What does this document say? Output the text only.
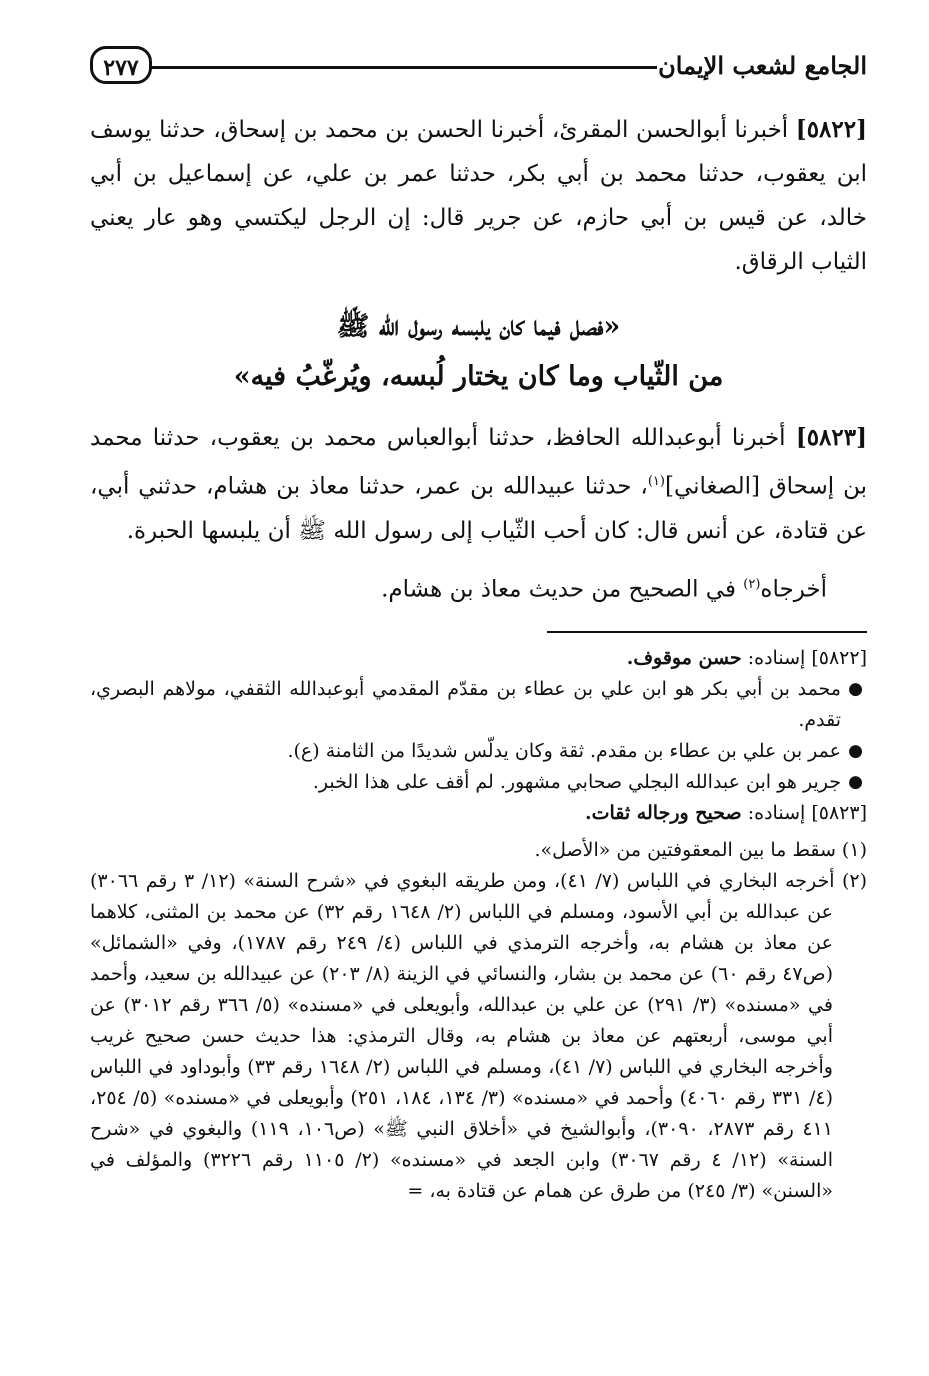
الجامع لشعب الإيمان
٢٧٧

[٥٨٢٢] أخبرنا أبوالحسن المقرئ، أخبرنا الحسن بن محمد بن إسحاق، حدثنا يوسف ابن يعقوب، حدثنا محمد بن أبي بكر، حدثنا عمر بن علي، عن إسماعيل بن أبي خالد، عن قيس بن أبي حازم، عن جرير قال: إن الرجل ليكتسي وهو عار يعني الثياب الرقاق.

«فصل فيما كان يلبسه رسول الله ﷺ
من الثّياب وما كان يختار لُبسه، ويُرغّبُ فيه»

[٥٨٢٣] أخبرنا أبوعبدالله الحافظ، حدثنا أبوالعباس محمد بن يعقوب، حدثنا محمد بن إسحاق [الصغاني]$^{(١)}$، حدثنا عبيدالله بن عمر، حدثنا معاذ بن هشام، حدثني أبي، عن قتادة، عن أنس قال: كان أحب الثّياب إلى رسول الله ﷺ أن يلبسها الحبرة.

أخرجاه$^{(٢)}$ في الصحيح من حديث معاذ بن هشام.

[٥٨٢٢] إسناده: حسن موقوف.

●
محمد بن أبي بكر هو ابن علي بن عطاء بن مقدّم المقدمي أبوعبدالله الثقفي، مولاهم البصري، تقدم.
●
عمر بن علي بن عطاء بن مقدم. ثقة وكان يدلّس شديدًا من الثامنة (ع).
●
جرير هو ابن عبدالله البجلي صحابي مشهور. لم أقف على هذا الخبر.

[٥٨٢٣] إسناده: صحيح ورجاله ثقات.

(١) سقط ما بين المعقوفتين من «الأصل».

(٢) أخرجه البخاري في اللباس (٧/ ٤١)، ومن طريقه البغوي في «شرح السنة» (١٢/ ٣ رقم ٣٠٦٦) عن عبدالله بن أبي الأسود، ومسلم في اللباس (٢/ ١٦٤٨ رقم ٣٢) عن محمد بن المثنى، كلاهما عن معاذ بن هشام به، وأخرجه الترمذي في اللباس (٤/ ٢٤٩ رقم ١٧٨٧)، وفي «الشمائل» (ص٤٧ رقم ٦٠) عن محمد بن بشار، والنسائي في الزينة (٨/ ٢٠٣) عن عبيدالله بن سعيد، وأحمد في «مسنده» (٣/ ٢٩١) عن علي بن عبدالله، وأبويعلى في «مسنده» (٥/ ٣٦٦ رقم ٣٠١٢) عن أبي موسى، أربعتهم عن معاذ بن هشام به، وقال الترمذي: هذا حديث حسن صحيح غريب وأخرجه البخاري في اللباس (٧/ ٤١)، ومسلم في اللباس (٢/ ١٦٤٨ رقم ٣٣) وأبوداود في اللباس (٤/ ٣٣١ رقم ٤٠٦٠) وأحمد في «مسنده» (٣/ ١٣٤، ١٨٤، ٢٥١) وأبويعلى في «مسنده» (٥/ ٢٥٤، ٤١١ رقم ٢٨٧٣، ٣٠٩٠)، وأبوالشيخ في «أخلاق النبي ﷺ» (ص١٠٦، ١١٩) والبغوي في «شرح السنة» (١٢/ ٤ رقم ٣٠٦٧) وابن الجعد في «مسنده» (٢/ ١١٠٥ رقم ٣٢٢٦) والمؤلف في «السنن» (٣/ ٢٤٥) من طرق عن همام عن قتادة به، =
